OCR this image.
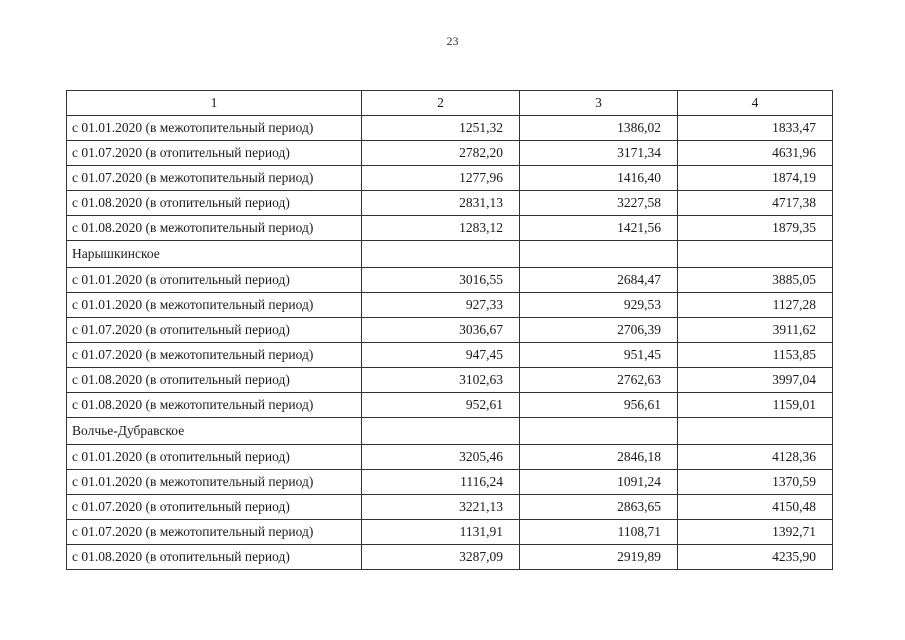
23
1	2	3	4
с 01.01.2020 (в межотопительный период)	1251,32	1386,02	1833,47
с 01.07.2020 (в отопительный период)	2782,20	3171,34	4631,96
с 01.07.2020 (в межотопительный период)	1277,96	1416,40	1874,19
с 01.08.2020 (в отопительный период)	2831,13	3227,58	4717,38
с 01.08.2020 (в межотопительный период)	1283,12	1421,56	1879,35
Нарышкинское			
с 01.01.2020 (в отопительный период)	3016,55	2684,47	3885,05
с 01.01.2020 (в межотопительный период)	927,33	929,53	1127,28
с 01.07.2020 (в отопительный период)	3036,67	2706,39	3911,62
с 01.07.2020 (в межотопительный период)	947,45	951,45	1153,85
с 01.08.2020 (в отопительный период)	3102,63	2762,63	3997,04
с 01.08.2020 (в межотопительный период)	952,61	956,61	1159,01
Волчье-Дубравское			
с 01.01.2020 (в отопительный период)	3205,46	2846,18	4128,36
с 01.01.2020 (в межотопительный период)	1116,24	1091,24	1370,59
с 01.07.2020 (в отопительный период)	3221,13	2863,65	4150,48
с 01.07.2020 (в межотопительный период)	1131,91	1108,71	1392,71
с 01.08.2020 (в отопительный период)	3287,09	2919,89	4235,90
